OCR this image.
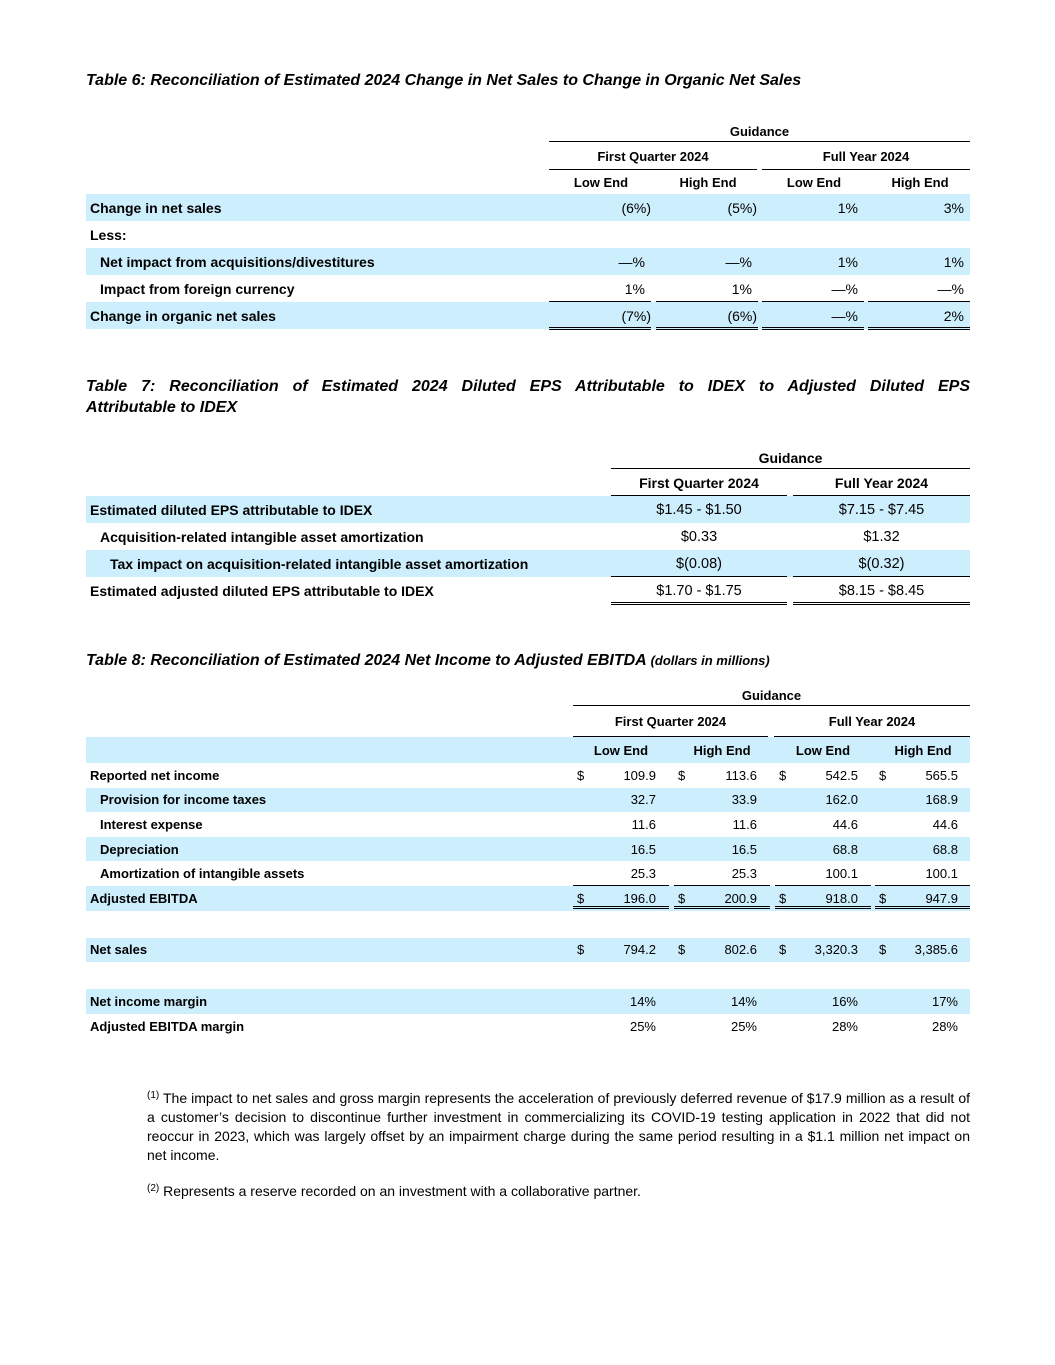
Table 6: Reconciliation of Estimated 2024 Change in Net Sales to Change in Organic Net Sales
Guidance
First Quarter 2024	Full Year 2024
Low End	High End	Low End	High End
Change in net sales	(6%)	(5%)	1%	3%
Less:
Net impact from acquisitions/divestitures	—%	—%	1%	1%
Impact from foreign currency	1%	1%	—%	—%
Change in organic net sales	(7%)	(6%)	—%	2%
Table 7: Reconciliation of Estimated 2024 Diluted EPS Attributable to IDEX to Adjusted Diluted EPS
Attributable to IDEX
Guidance
First Quarter 2024	Full Year 2024
Estimated diluted EPS attributable to IDEX	$1.45 - $1.50	$7.15 - $7.45
Acquisition-related intangible asset amortization	$0.33	$1.32
Tax impact on acquisition-related intangible asset amortization	$(0.08)	$(0.32)
Estimated adjusted diluted EPS attributable to IDEX	$1.70 - $1.75	$8.15 - $8.45
Table 8: Reconciliation of Estimated 2024 Net Income to Adjusted EBITDA (dollars in millions)
Guidance
First Quarter 2024	Full Year 2024
Low End	High End	Low End	High End
Reported net income	$	109.9 $	113.6 $	542.5 $	565.5
Provision for income taxes	32.7	33.9	162.0	168.9
Interest expense	11.6	11.6	44.6	44.6
Depreciation	16.5	16.5	68.8	68.8
Amortization of intangible assets	25.3	25.3	100.1	100.1
Adjusted EBITDA	$	196.0 $	200.9 $	918.0 $	947.9
Net sales	$	794.2 $	802.6 $	3,320.3 $	3,385.6
Net income margin	14%	14%	16%	17%
Adjusted EBITDA margin	25%	25%	28%	28%
$^{(1)}$ The impact to net sales and gross margin represents the acceleration of previously deferred revenue of $17.9 million as a result of a customer’s decision to discontinue further investment in commercializing its COVID-19 testing application in 2022 that did not reoccur in 2023, which was largely offset by an impairment charge during the same period resulting in a $1.1 million net impact on net income.
$^{(2)}$ Represents a reserve recorded on an investment with a collaborative partner.
